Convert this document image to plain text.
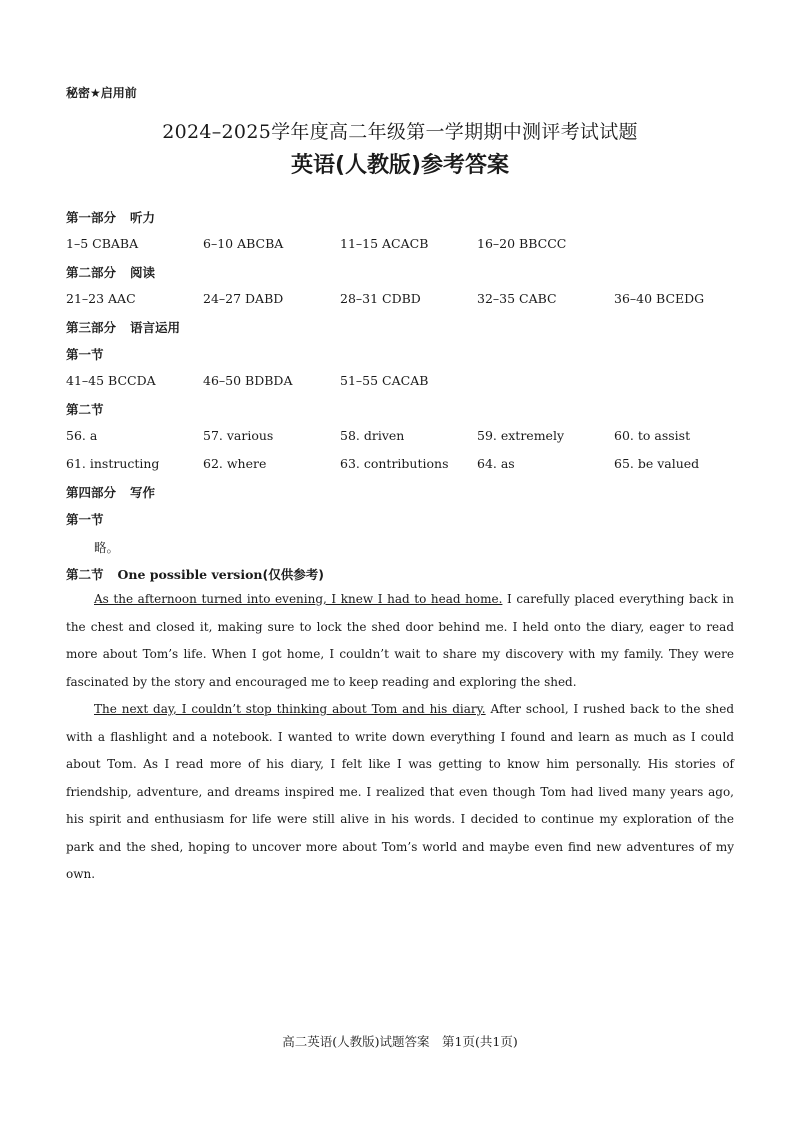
秘密★启用前
2024–2025学年度高二年级第一学期期中测评考试试题
英语(人教版)参考答案
第一部分 听力
1–5 CBABA	6–10 ABCBA	11–15 ACACB	16–20 BBCCC
第二部分 阅读
21–23 AAC	24–27 DABD	28–31 CDBD	32–35 CABC	36–40 BCEDG
第三部分 语言运用
第一节
41–45 BCCDA	46–50 BDBDA	51–55 CACAB
第二节
56. a	57. various	58. driven	59. extremely	60. to assist
61. instructing	62. where	63. contributions 64. as	65. be valued
第四部分 写作
第一节
略。
第二节 One possible version(仅供参考)
As the afternoon turned into evening, I knew I had to head home. I carefully placed everything back in the chest and closed it, making sure to lock the shed door behind me. I held onto the diary, eager to read more about Tom’s life. When I got home, I couldn’t wait to share my discovery with my family. They were fascinated by the story and encouraged me to keep reading and exploring the shed.
The next day, I couldn’t stop thinking about Tom and his diary. After school, I rushed back to the shed with a flashlight and a notebook. I wanted to write down everything I found and learn as much as I could about Tom. As I read more of his diary, I felt like I was getting to know him personally. His stories of friendship, adventure, and dreams inspired me. I realized that even though Tom had lived many years ago, his spirit and enthusiasm for life were still alive in his words. I decided to continue my exploration of the park and the shed, hoping to uncover more about Tom’s world and maybe even find new adventures of my own.
高二英语(人教版)试题答案　第1页(共1页)
